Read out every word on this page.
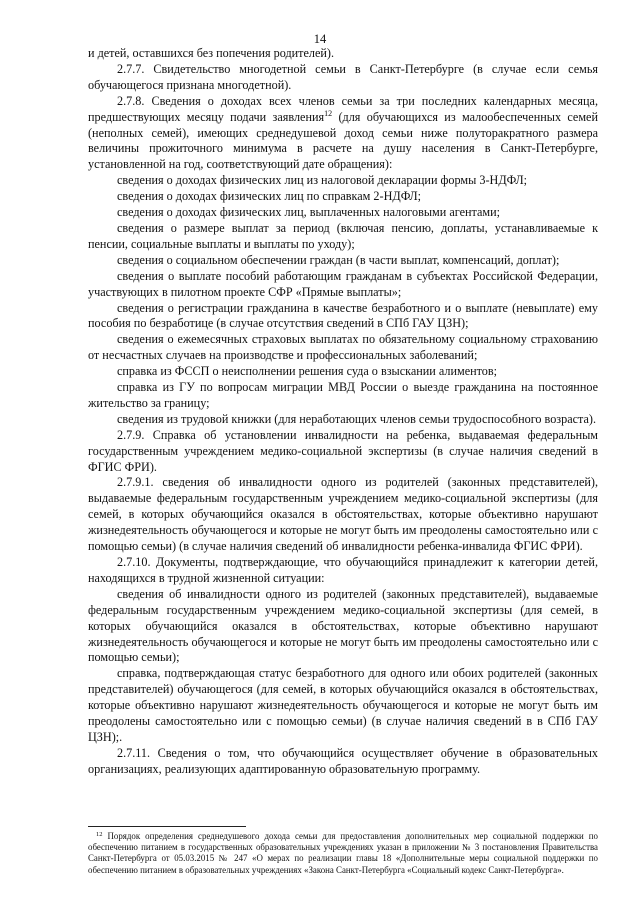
14

и детей, оставшихся без попечения родителей).

2.7.7. Свидетельство многодетной семьи в Санкт-Петербурге (в случае если семья обучающегося признана многодетной).

2.7.8. Сведения о доходах всех членов семьи за три последних календарных месяца, предшествующих месяцу подачи заявления$^{12}$ (для обучающихся из малообеспеченных семей (неполных семей), имеющих среднедушевой доход семьи ниже полуторакратного размера величины прожиточного минимума в расчете на душу населения в Санкт-Петербурге, установленной на год, соответствующий дате обращения):

сведения о доходах физических лиц из налоговой декларации формы 3-НДФЛ;

сведения о доходах физических лиц по справкам 2-НДФЛ;

сведения о доходах физических лиц, выплаченных налоговыми агентами;

сведения о размере выплат за период (включая пенсию, доплаты, устанавливаемые к пенсии, социальные выплаты и выплаты по уходу);

сведения о социальном обеспечении граждан (в части выплат, компенсаций, доплат);

сведения о выплате пособий работающим гражданам в субъектах Российской Федерации, участвующих в пилотном проекте СФР «Прямые выплаты»;

сведения о регистрации гражданина в качестве безработного и о выплате (невыплате) ему пособия по безработице (в случае отсутствия сведений в СПб ГАУ ЦЗН);

сведения о ежемесячных страховых выплатах по обязательному социальному страхованию от несчастных случаев на производстве и профессиональных заболеваний;

справка из ФССП о неисполнении решения суда о взыскании алиментов;

справка из ГУ по вопросам миграции МВД России о выезде гражданина на постоянное жительство за границу;

сведения из трудовой книжки (для неработающих членов семьи трудоспособного возраста).

2.7.9. Справка об установлении инвалидности на ребенка, выдаваемая федеральным государственным учреждением медико-социальной экспертизы (в случае наличия сведений в ФГИС ФРИ).

2.7.9.1. сведения об инвалидности одного из родителей (законных представителей), выдаваемые федеральным государственным учреждением медико-социальной экспертизы (для семей, в которых обучающийся оказался в обстоятельствах, которые объективно нарушают жизнедеятельность обучающегося и которые не могут быть им преодолены самостоятельно или с помощью семьи) (в случае наличия сведений об инвалидности ребенка-инвалида ФГИС ФРИ).

2.7.10. Документы, подтверждающие, что обучающийся принадлежит к категории детей, находящихся в трудной жизненной ситуации:

сведения об инвалидности одного из родителей (законных представителей), выдаваемые федеральным государственным учреждением медико-социальной экспертизы (для семей, в которых обучающийся оказался в обстоятельствах, которые объективно нарушают жизнедеятельность обучающегося и которые не могут быть им преодолены самостоятельно или с помощью семьи);

справка, подтверждающая статус безработного для одного или обоих родителей (законных представителей) обучающегося (для семей, в которых обучающийся оказался в обстоятельствах, которые объективно нарушают жизнедеятельность обучающегося и которые не могут быть им преодолены самостоятельно или с помощью семьи) (в случае наличия сведений в в СПб ГАУ ЦЗН);.

2.7.11. Сведения о том, что обучающийся осуществляет обучение в образовательных организациях, реализующих адаптированную образовательную программу.

$^{12}$ Порядок определения среднедушевого дохода семьи для предоставления дополнительных мер социальной поддержки по обеспечению питанием в государственных образовательных учреждениях указан в приложении № 3 постановления Правительства Санкт-Петербурга от 05.03.2015 № 247 «О мерах по реализации главы 18 «Дополнительные меры социальной поддержки по обеспечению питанием в образовательных учреждениях «Закона Санкт-Петербурга «Социальный кодекс Санкт-Петербурга».
